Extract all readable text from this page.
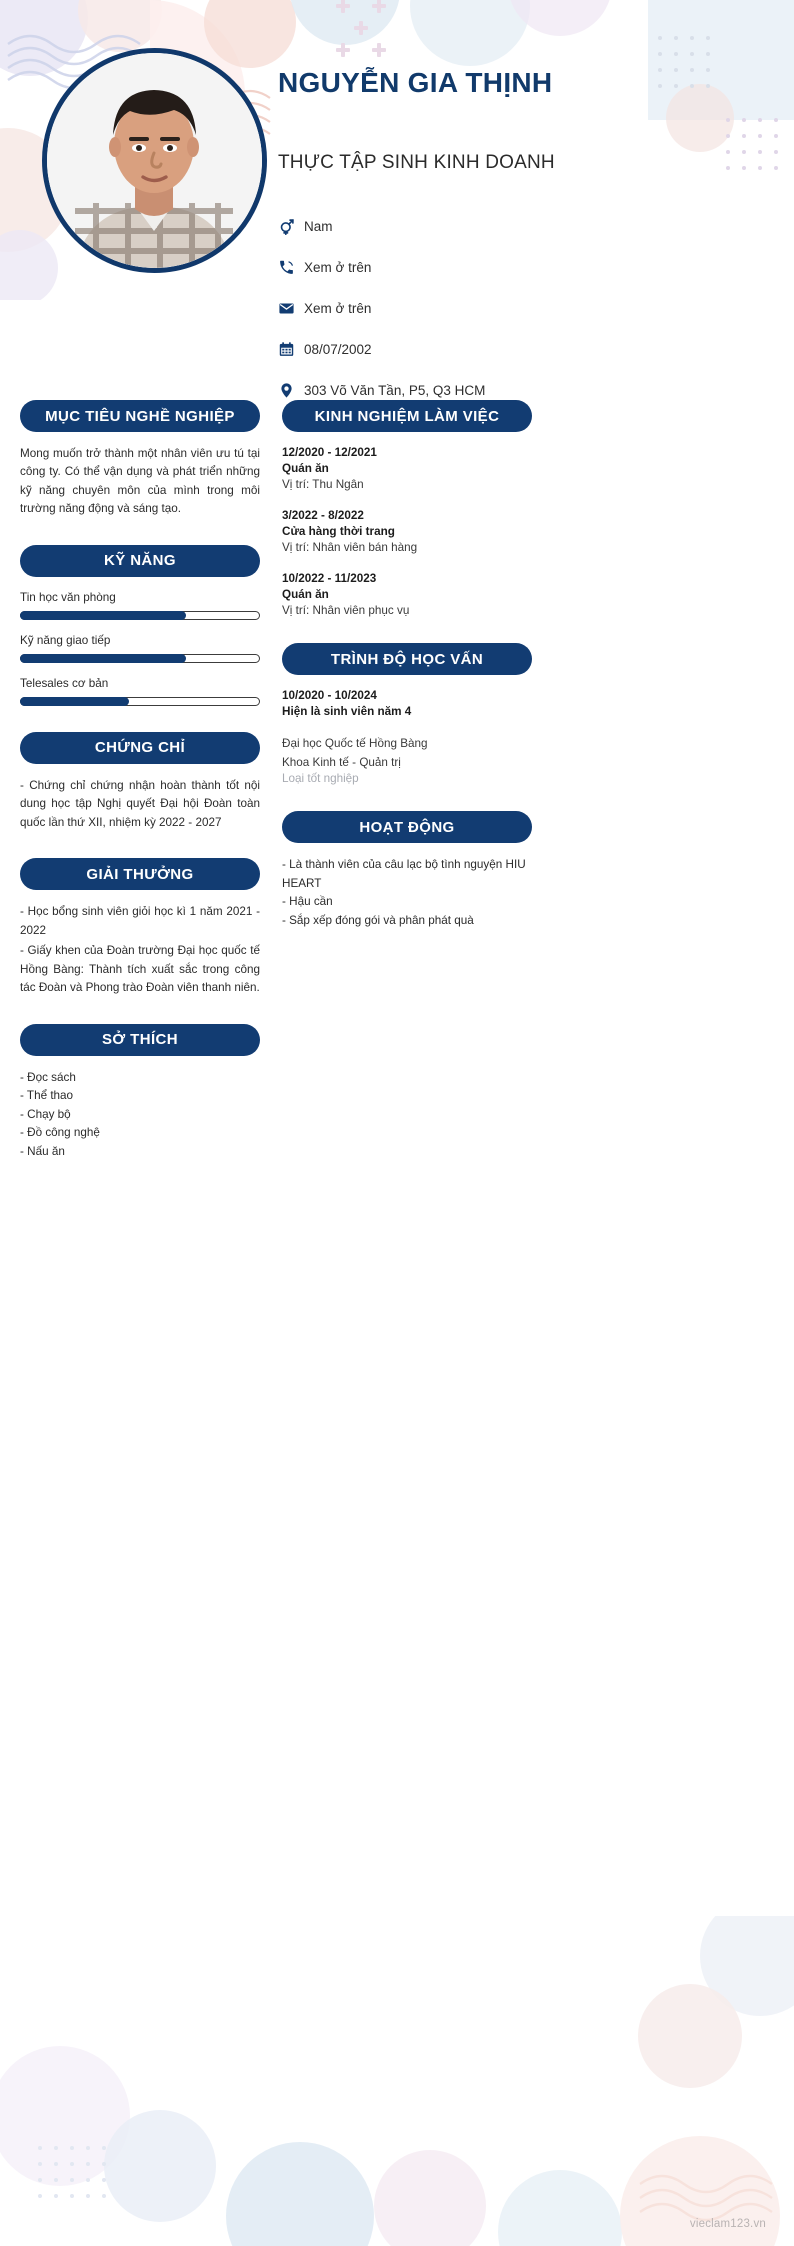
NGUYỄN GIA THỊNH
THỰC TẬP SINH KINH DOANH
Nam
Xem ở trên
Xem ở trên
08/07/2002
303 Võ Văn Tần, P5, Q3 HCM
MỤC TIÊU NGHỀ NGHIỆP
Mong muốn trở thành một nhân viên ưu tú tại công ty. Có thể vận dụng và phát triển những kỹ năng chuyên môn của mình trong môi trường năng động và sáng tạo.
KỸ NĂNG
Tin học văn phòng
Kỹ năng giao tiếp
Telesales cơ bản
CHỨNG CHỈ
- Chứng chỉ chứng nhận hoàn thành tốt nội dung học tập Nghị quyết Đại hội Đoàn toàn quốc lần thứ XII, nhiệm kỳ 2022 - 2027
GIẢI THƯỞNG
- Học bổng sinh viên giỏi học kì 1 năm 2021 - 2022
- Giấy khen của Đoàn trường Đại học quốc tế Hồng Bàng: Thành tích xuất sắc trong công tác Đoàn và Phong trào Đoàn viên thanh niên.
SỞ THÍCH
- Đọc sách
- Thể thao
- Chạy bộ
- Đồ công nghệ
- Nấu ăn
KINH NGHIỆM LÀM VIỆC
12/2020 - 12/2021
Quán ăn
Vị trí: Thu Ngân
3/2022 - 8/2022
Cửa hàng thời trang
Vị trí: Nhân viên bán hàng
10/2022 - 11/2023
Quán ăn
Vị trí: Nhân viên phục vụ
TRÌNH ĐỘ HỌC VẤN
10/2020 - 10/2024
Hiện là sinh viên năm 4
Đại học Quốc tế Hồng Bàng
Khoa Kinh tế - Quản trị
Loại tốt nghiệp
HOẠT ĐỘNG
- Là thành viên của câu lạc bộ tình nguyện HIU HEART
- Hậu cần
- Sắp xếp đóng gói và phân phát quà
vieclam123.vn
